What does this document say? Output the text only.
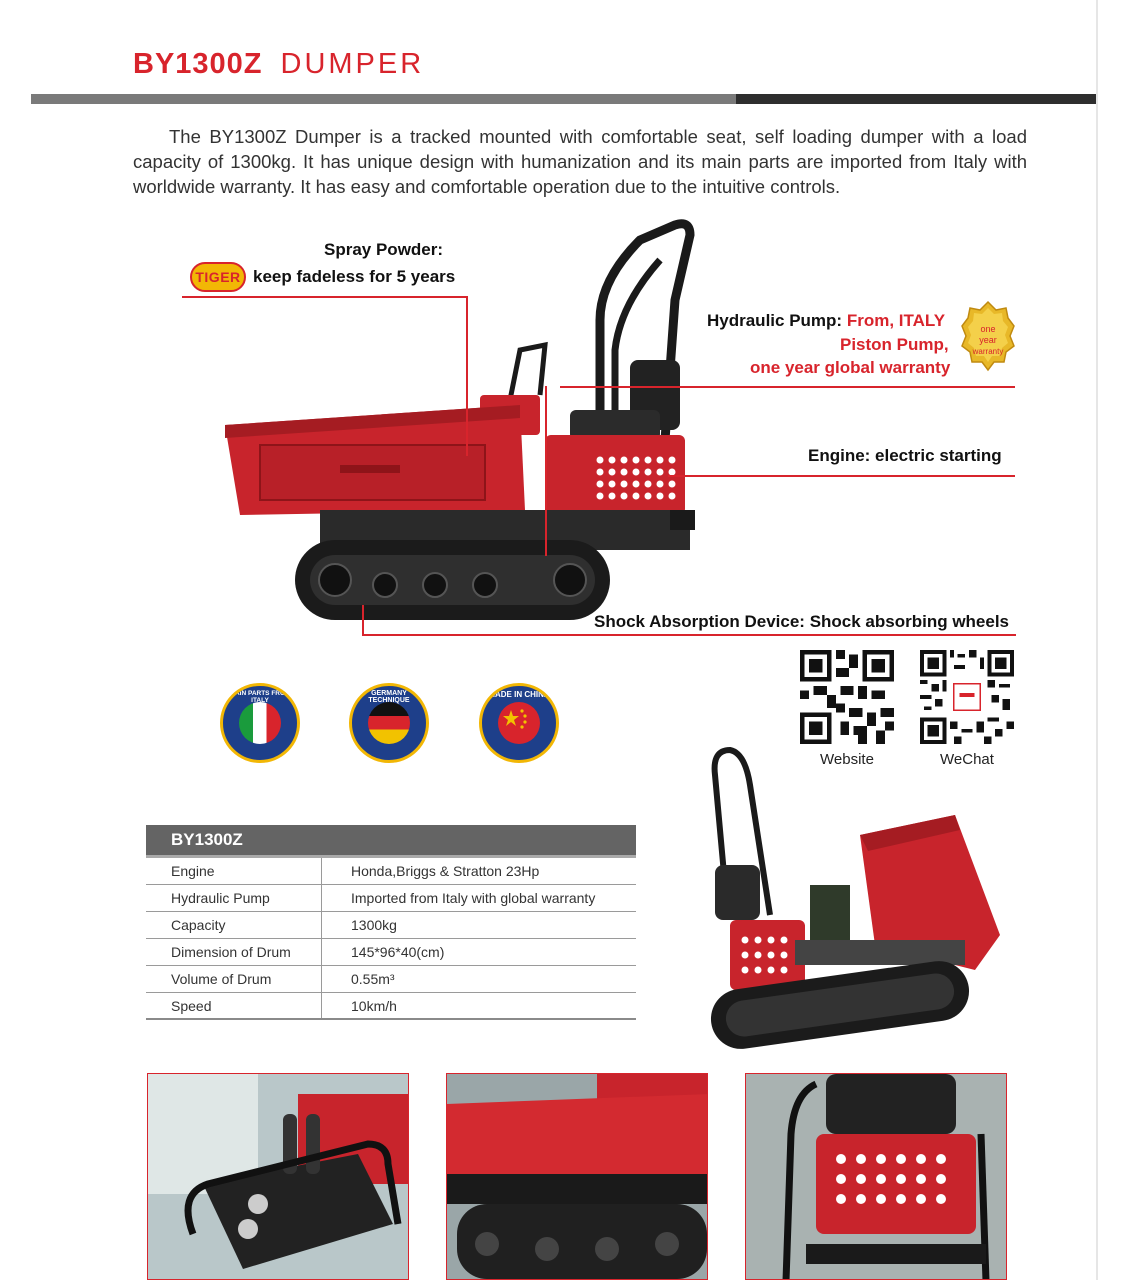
BY1300Z DUMPER

The BY1300Z Dumper is a tracked mounted with comfortable seat, self loading dumper with a load capacity of 1300kg. It has unique design with humanization and its main parts are imported from Italy with worldwide warranty. It has easy and comfortable operation due to the intuitive controls.

Spray Powder:
TIGER keep fadeless for 5 years
Hydraulic Pump: From, ITALY
Piston Pump,
one year global warranty
one
year
warranty
Engine: electric starting
Shock Absorption Device: Shock absorbing wheels
MAIN PARTS FROM ITALY
GERMANY TECHNIQUE
MADE IN CHINA
Website	WeChat
BY1300Z
Engine	Honda,Briggs & Stratton 23Hp
Hydraulic Pump	Imported from Italy with global warranty
Capacity	1300kg
Dimension of Drum	145*96*40(cm)
Volume of Drum	0.55m³
Speed	10km/h
